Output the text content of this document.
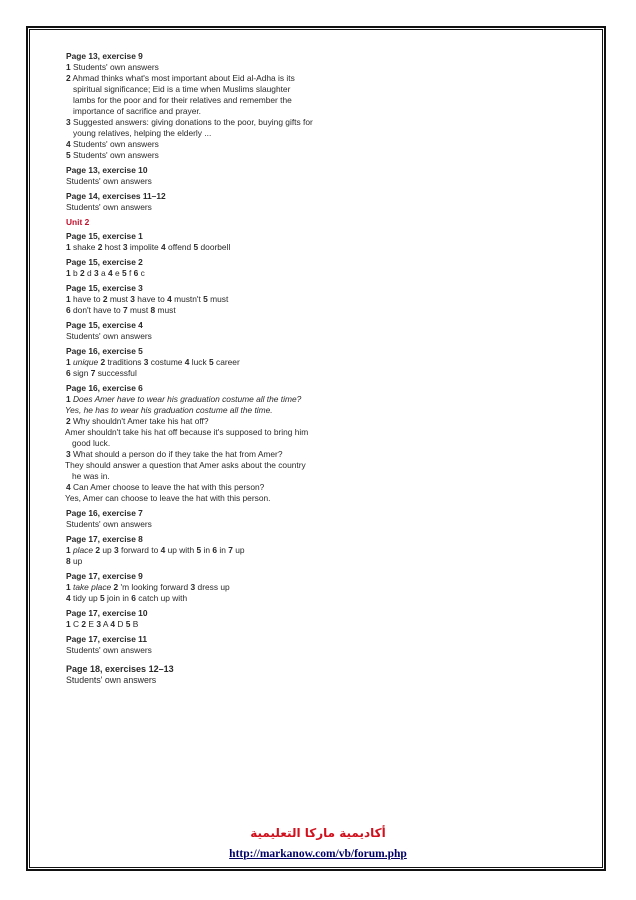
Page 13, exercise 9

1 Students' own answers

2 Ahmad thinks what's most important about Eid al-Adha is its spiritual significance; Eid is a time when Muslims slaughter lambs for the poor and for their relatives and remember the importance of sacrifice and prayer.

3 Suggested answers: giving donations to the poor, buying gifts for young relatives, helping the elderly ...

4 Students' own answers

5 Students' own answers

Page 13, exercise 10

Students' own answers

Page 14, exercises 11–12

Students' own answers

Unit 2

Page 15, exercise 1

1 shake 2 host 3 impolite 4 offend 5 doorbell

Page 15, exercise 2

1 b 2 d 3 a 4 e 5 f 6 c

Page 15, exercise 3

1 have to 2 must 3 have to 4 mustn't 5 must

6 don't have to 7 must 8 must

Page 15, exercise 4

Students' own answers

Page 16, exercise 5

1 unique 2 traditions 3 costume 4 luck 5 career

6 sign 7 successful

Page 16, exercise 6

1 Does Amer have to wear his graduation costume all the time?

Yes, he has to wear his graduation costume all the time.

2 Why shouldn't Amer take his hat off?

Amer shouldn't take his hat off because it's supposed to bring him good luck.

3 What should a person do if they take the hat from Amer?

They should answer a question that Amer asks about the country he was in.

4 Can Amer choose to leave the hat with this person?

Yes, Amer can choose to leave the hat with this person.

Page 16, exercise 7

Students' own answers

Page 17, exercise 8

1 place 2 up 3 forward to 4 up with 5 in 6 in 7 up

8 up

Page 17, exercise 9

1 take place 2 'm looking forward 3 dress up

4 tidy up 5 join in 6 catch up with

Page 17, exercise 10

1 C 2 E 3 A 4 D 5 B

Page 17, exercise 11

Students' own answers

Page 18, exercises 12–13

Students' own answers

أكاديمية ماركا التعليمية
http://markanow.com/vb/forum.php
